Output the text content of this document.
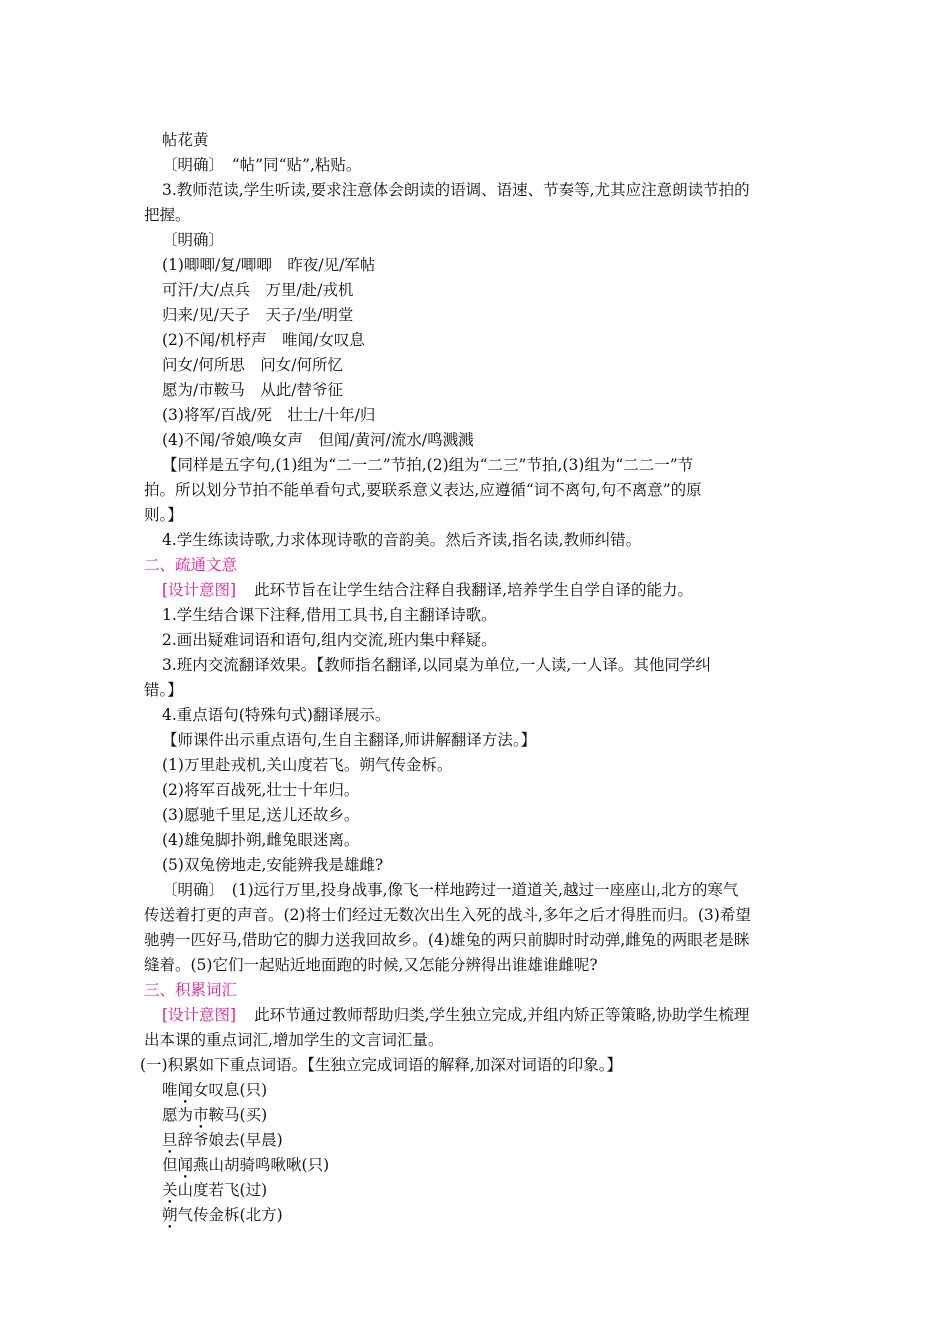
帖花黄
〔明确〕　“帖”同“贴”,粘贴。
3.教师范读,学生听读,要求注意体会朗读的语调、语速、节奏等,尤其应注意朗读节拍的
把握。
〔明确〕
(1)唧唧/复/唧唧　昨夜/见/军帖
可汗/大/点兵　万里/赴/戎机
归来/见/天子　天子/坐/明堂
(2)不闻/机杼声　唯闻/女叹息
问女/何所思　问女/何所忆
愿为/市鞍马　从此/替爷征
(3)将军/百战/死　壮士/十年/归
(4)不闻/爷娘/唤女声　但闻/黄河/流水/鸣溅溅
【同样是五字句,(1)组为“二一二”节拍,(2)组为“二三”节拍,(3)组为“二二一”节
拍。所以划分节拍不能单看句式,要联系意义表达,应遵循“词不离句,句不离意”的原
则。】
4.学生练读诗歌,力求体现诗歌的音韵美。然后齐读,指名读,教师纠错。
二、疏通文意
[设计意图] 此环节旨在让学生结合注释自我翻译,培养学生自学自译的能力。
1.学生结合课下注释,借用工具书,自主翻译诗歌。
2.画出疑难词语和语句,组内交流,班内集中释疑。
3.班内交流翻译效果。【教师指名翻译,以同桌为单位,一人读,一人译。其他同学纠
错。】
4.重点语句(特殊句式)翻译展示。
【师课件出示重点语句,生自主翻译,师讲解翻译方法。】
(1)万里赴戎机,关山度若飞。朔气传金柝。
(2)将军百战死,壮士十年归。
(3)愿驰千里足,送儿还故乡。
(4)雄兔脚扑朔,雌兔眼迷离。
(5)双兔傍地走,安能辨我是雄雌?
〔明确〕　(1)远行万里,投身战事,像飞一样地跨过一道道关,越过一座座山,北方的寒气
传送着打更的声音。(2)将士们经过无数次出生入死的战斗,多年之后才得胜而归。(3)希望
驰骋一匹好马,借助它的脚力送我回故乡。(4)雄兔的两只前脚时时动弹,雌兔的两眼老是眯
缝着。(5)它们一起贴近地面跑的时候,又怎能分辨得出谁雄谁雌呢?
三、积累词汇
[设计意图] 此环节通过教师帮助归类,学生独立完成,并组内矫正等策略,协助学生梳理
出本课的重点词汇,增加学生的文言词汇量。
(一)积累如下重点词语。【生独立完成词语的解释,加深对词语的印象。】
唯闻女叹息(只)
愿为市鞍马(买)
旦辞爷娘去(早晨)
但闻燕山胡骑鸣啾啾(只)
关山度若飞(过)
朔气传金柝(北方)
